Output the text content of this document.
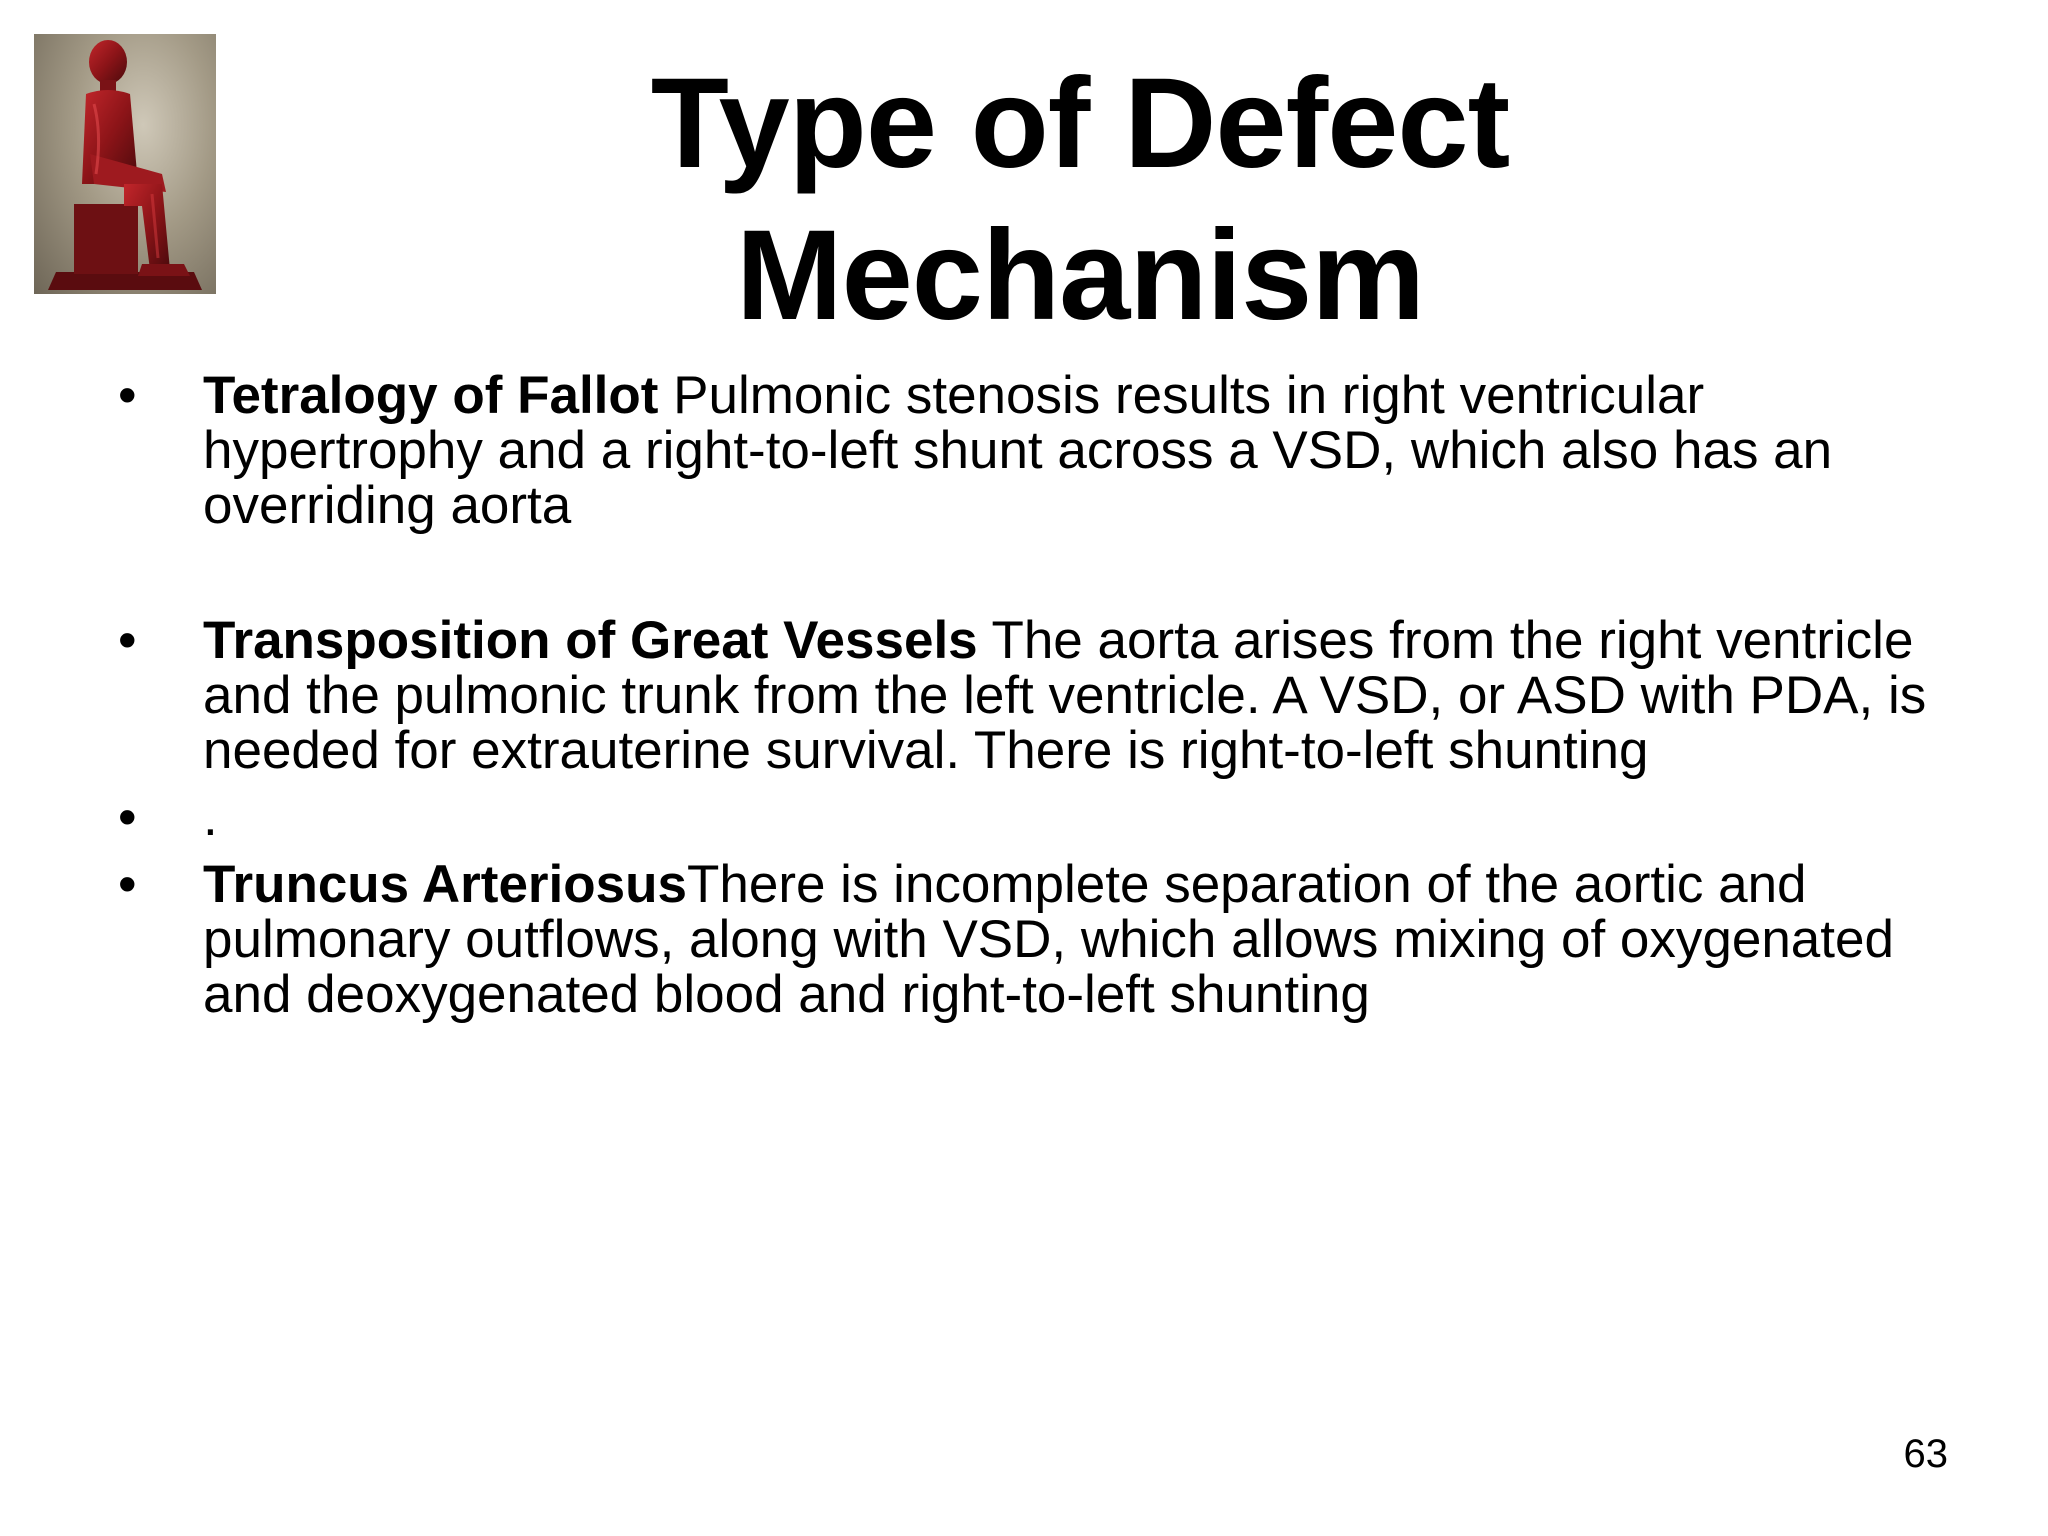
Type of Defect
Mechanism
•	Tetralogy of Fallot Pulmonic stenosis results in right ventricular hypertrophy and a right-to-left shunt across a VSD, which also has an overriding aorta
•	Transposition of Great Vessels The aorta arises from the right ventricle and the pulmonic trunk from the left ventricle. A VSD, or ASD with PDA, is needed for extrauterine survival. There is right-to-left shunting
•	.
•	Truncus ArteriosusThere is incomplete separation of the aortic and pulmonary outflows, along with VSD, which allows mixing of oxygenated and deoxygenated blood and right-to-left shunting
63
